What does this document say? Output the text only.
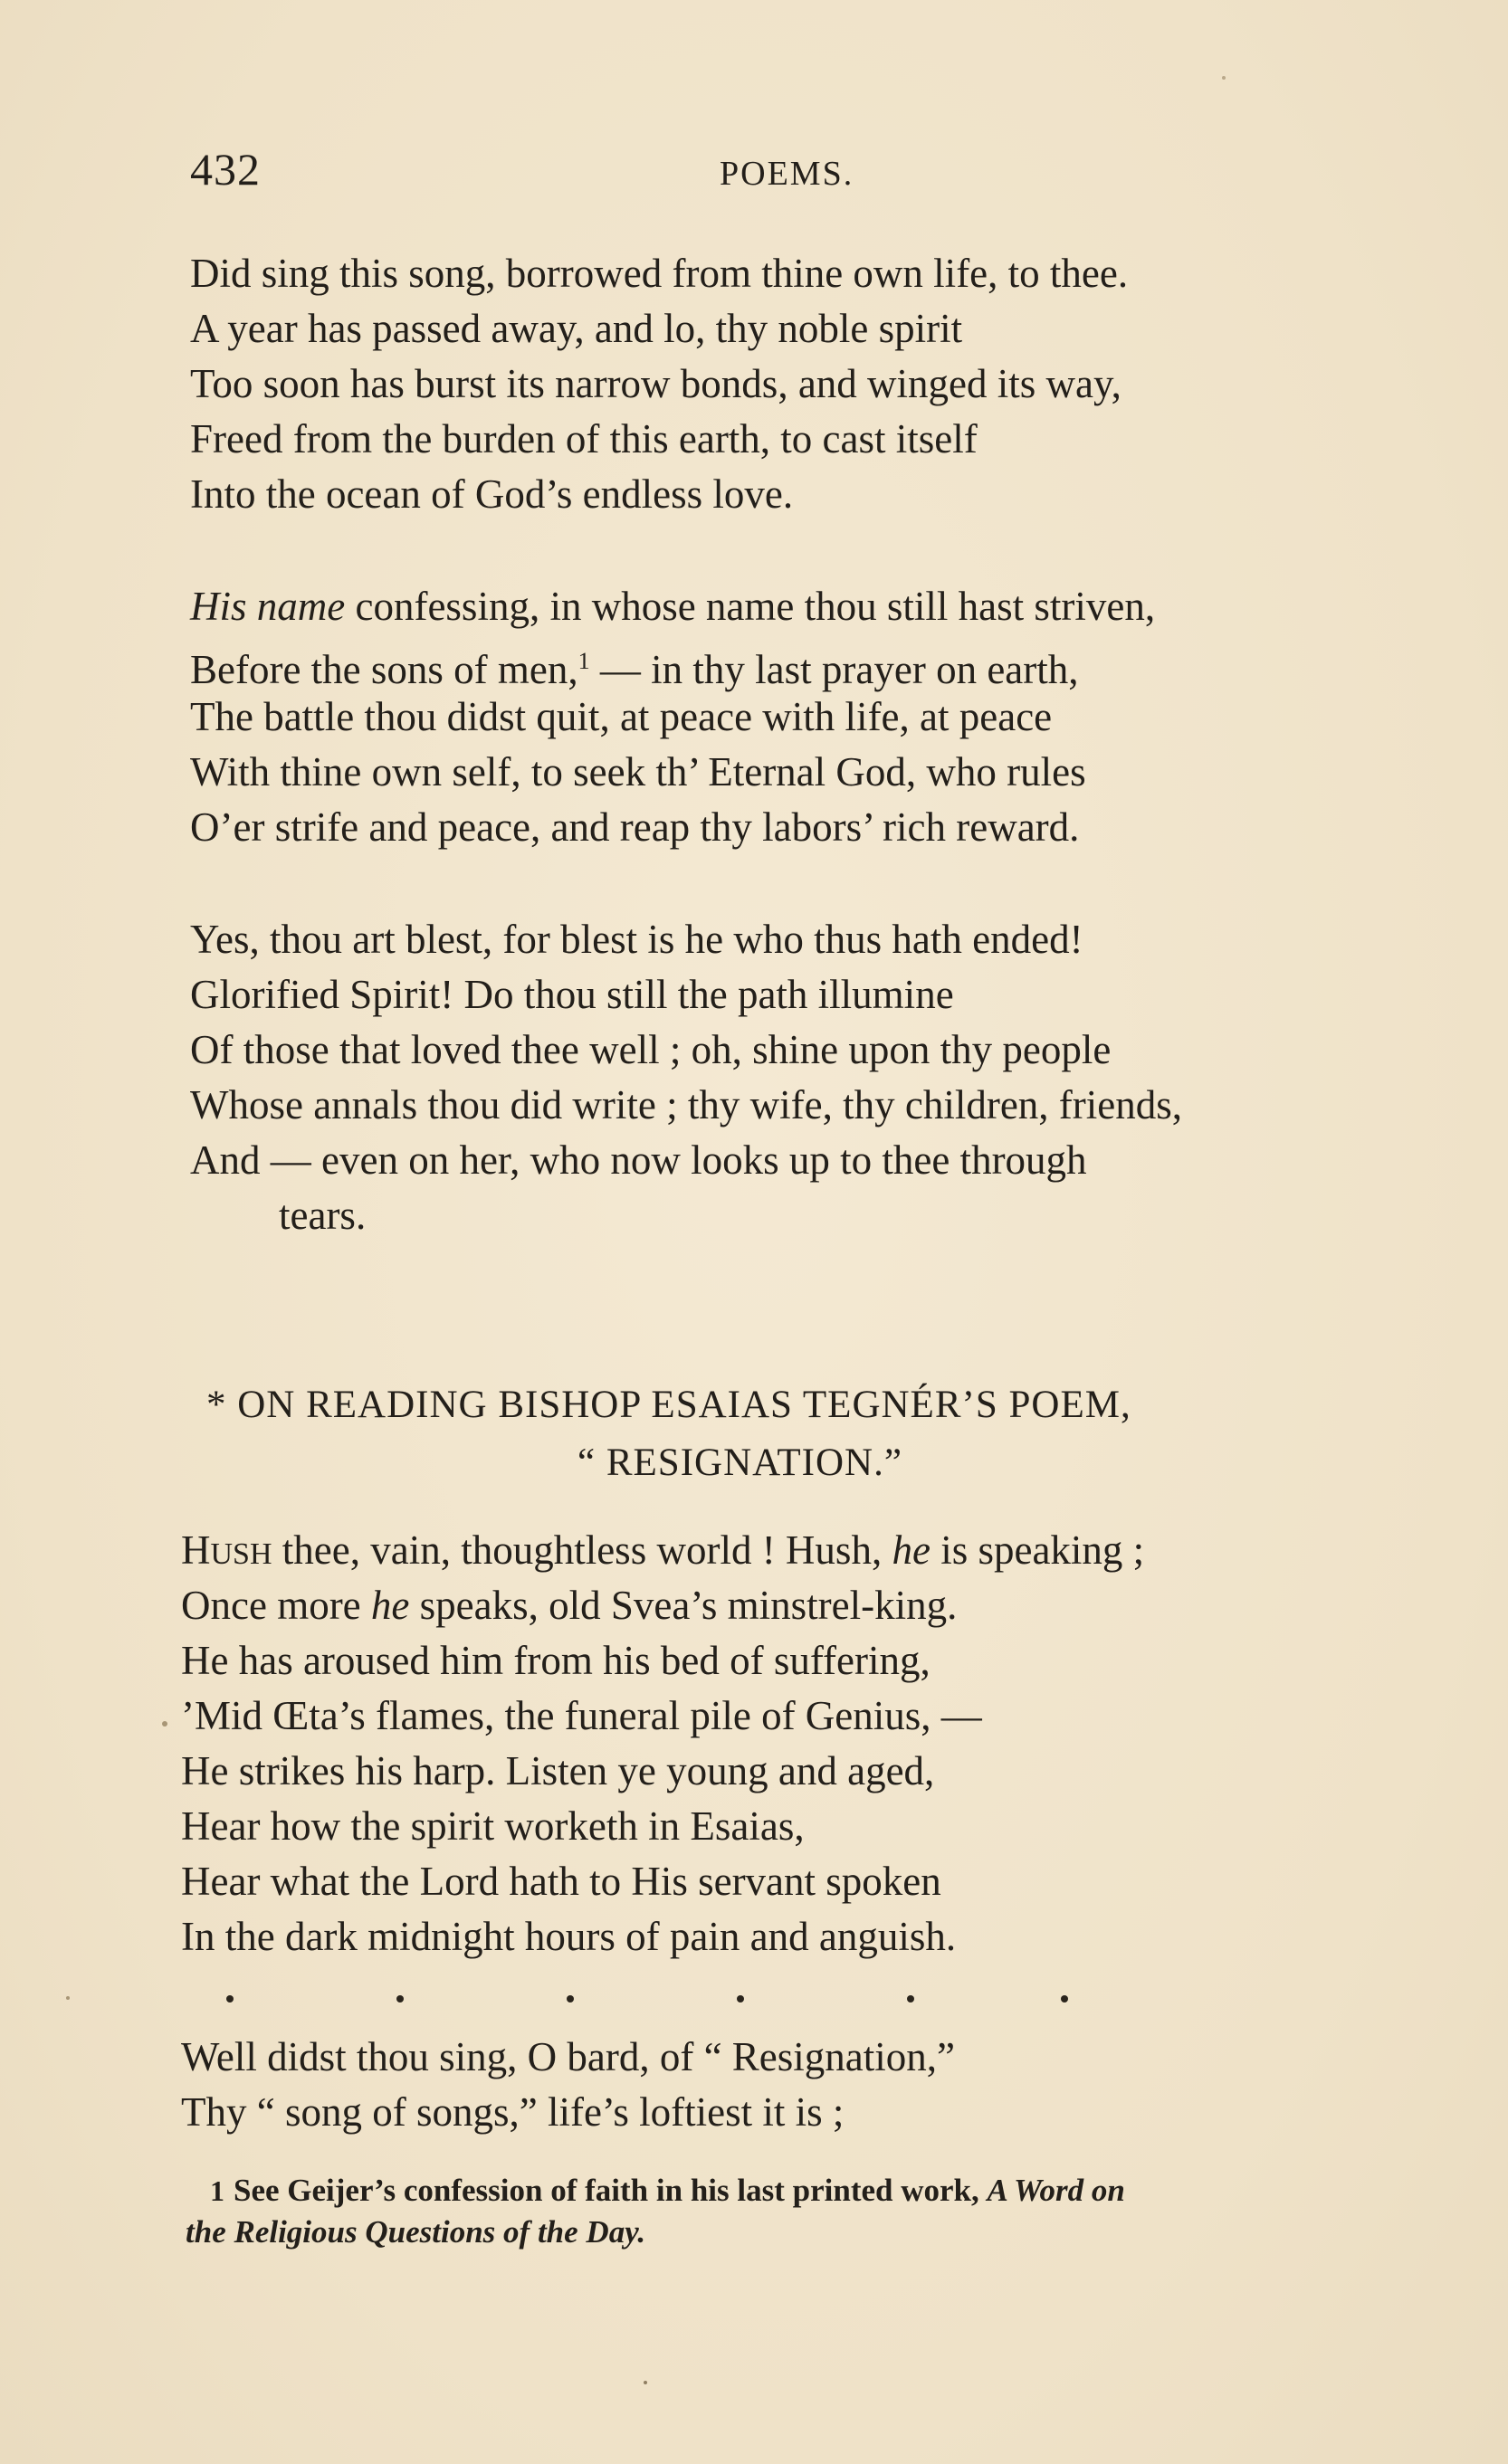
432	POEMS.
Did sing this song, borrowed from thine own life, to thee.
A year has passed away, and lo, thy noble spirit
Too soon has burst its narrow bonds, and winged its way,
Freed from the burden of this earth, to cast itself
Into the ocean of God’s endless love.
His name confessing, in whose name thou still hast striven,
Before the sons of men,$^1$ — in thy last prayer on earth,
The battle thou didst quit, at peace with life, at peace
With thine own self, to seek th’ Eternal God, who rules
O’er strife and peace, and reap thy labors’ rich reward.
Yes, thou art blest, for blest is he who thus hath ended!
Glorified Spirit! Do thou still the path illumine
Of those that loved thee well ; oh, shine upon thy people
Whose annals thou did write ; thy wife, thy children, friends,
And — even on her, who now looks up to thee through
tears.
* ON READING BISHOP ESAIAS TEGNÉR’S POEM,
“ RESIGNATION.”
HUSH thee, vain, thoughtless world ! Hush, he is speaking ;
Once more he speaks, old Svea’s minstrel-king.
He has aroused him from his bed of suffering,
’Mid Œta’s flames, the funeral pile of Genius, —
He strikes his harp. Listen ye young and aged,
Hear how the spirit worketh in Esaias,
Hear what the Lord hath to His servant spoken
In the dark midnight hours of pain and anguish.
Well didst thou sing, O bard, of “ Resignation,”
Thy “ song of songs,” life’s loftiest it is ;
1 See Geijer’s confession of faith in his last printed work, A Word on
the Religious Questions of the Day.
